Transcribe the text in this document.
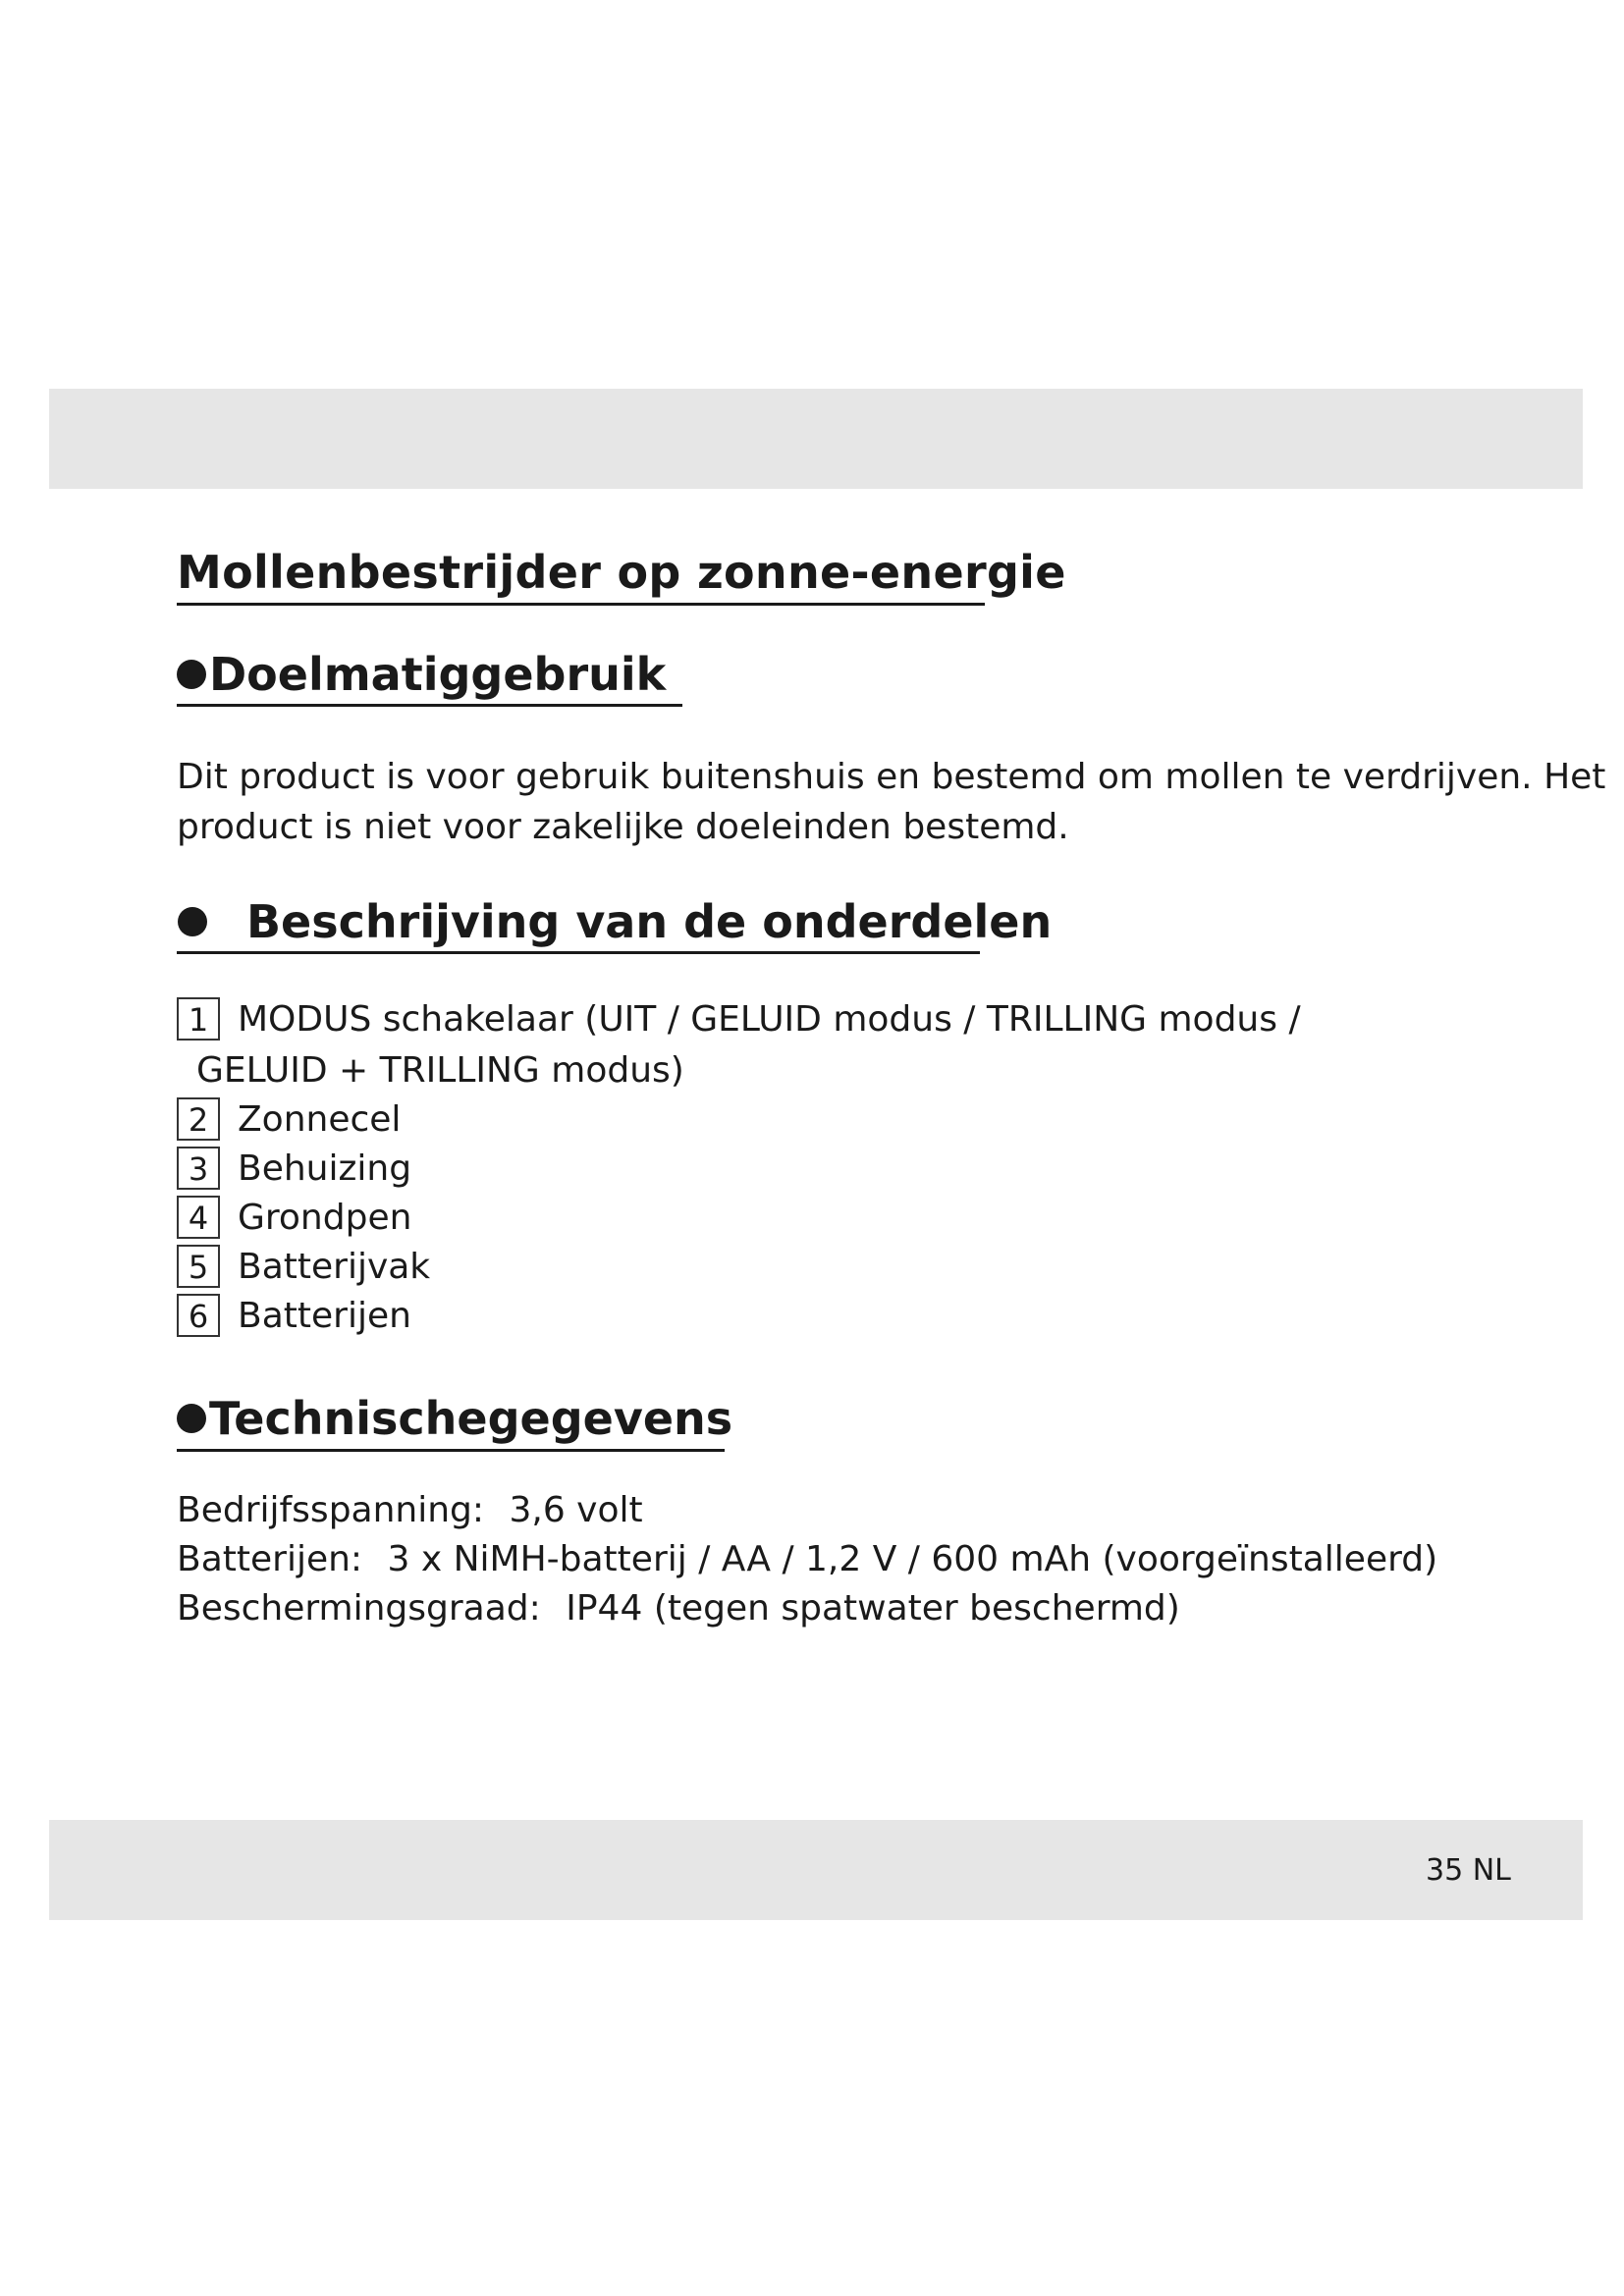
Mollenbestrijder op zonne-energie
Doelmatiggebruik
Dit product is voor gebruik buitenshuis en bestemd om mollen te verdrijven. Het
product is niet voor zakelijke doeleinden bestemd.
Beschrijving van de onderdelen
1 MODUS schakelaar (UIT / GELUID modus / TRILLING modus /
GELUID + TRILLING modus)
2 Zonnecel
3 Behuizing
4 Grondpen
5 Batterijvak
6 Batterijen
Technischegegevens
Bedrijfsspanning: 3,6 volt
Batterijen: 3 x NiMH-batterij / AA / 1,2 V / 600 mAh (voorgeïnstalleerd)
Beschermingsgraad: IP44 (tegen spatwater beschermd)
35 NL
